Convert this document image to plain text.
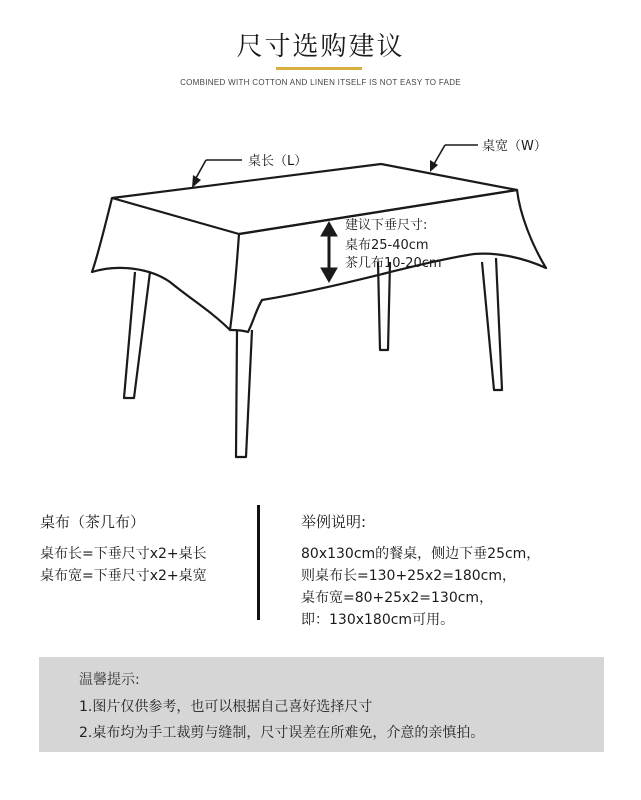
尺寸选购建议
COMBINED WITH COTTON AND LINEN ITSELF IS NOT EASY TO FADE
桌长（L）
桌宽（W）
建议下垂尺寸:
桌布25-40cm
茶几布10-20cm
桌布（茶几布）
桌布长=下垂尺寸x2+桌长
桌布宽=下垂尺寸x2+桌宽
举例说明:
80x130cm的餐桌，侧边下垂25cm，
则桌布长=130+25x2=180cm，
桌布宽=80+25x2=130cm，
即：130x180cm可用。
温馨提示:
1.图片仅供参考，也可以根据自己喜好选择尺寸
2.桌布均为手工裁剪与缝制，尺寸误差在所难免，介意的亲慎拍。
